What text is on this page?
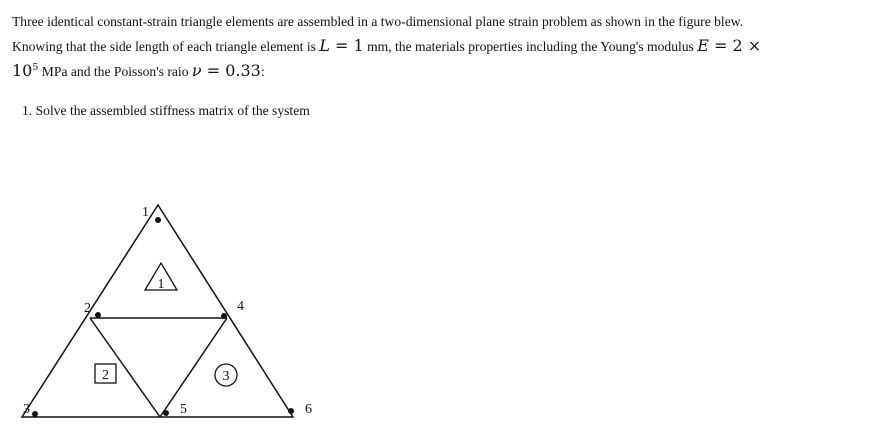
Three identical constant-strain triangle elements are assembled in a two-dimensional plane strain problem as shown in the figure blew.

Knowing that the side length of each triangle element is L = 1 mm, the materials properties including the Young's modulus E = 2 ×

$10^5$ MPa and the Poisson's raio ν = 0.33:

1. Solve the assembled stiffness matrix of the system
1
2
3
4
5	6
1
2	3
